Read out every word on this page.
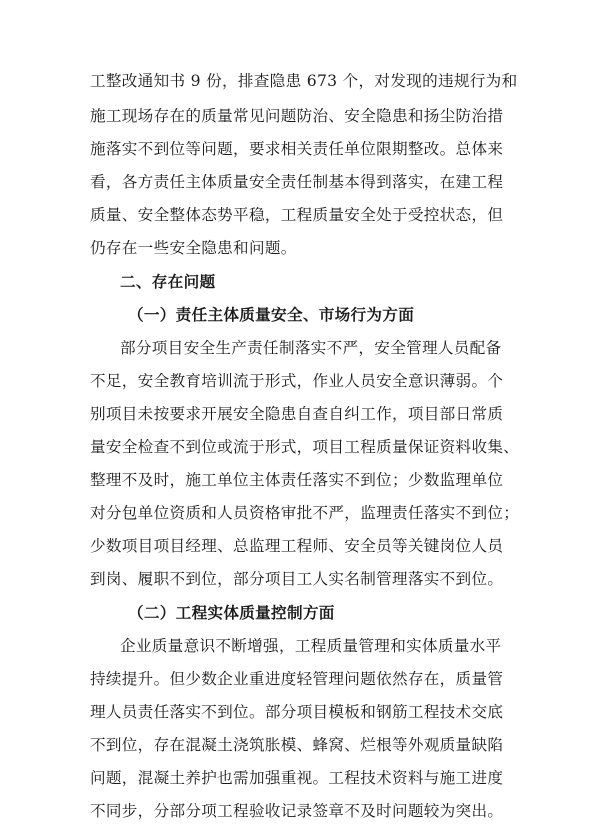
工整改通知书 9 份，排查隐患 673 个，对发现的违规行为和
施工现场存在的质量常见问题防治、安全隐患和扬尘防治措
施落实不到位等问题，要求相关责任单位限期整改。总体来
看，各方责任主体质量安全责任制基本得到落实，在建工程
质量、安全整体态势平稳，工程质量安全处于受控状态，但
仍存在一些安全隐患和问题。
二、存在问题
（一）责任主体质量安全、市场行为方面
部分项目安全生产责任制落实不严，安全管理人员配备
不足，安全教育培训流于形式，作业人员安全意识薄弱。个
别项目未按要求开展安全隐患自查自纠工作，项目部日常质
量安全检查不到位或流于形式，项目工程质量保证资料收集、
整理不及时，施工单位主体责任落实不到位；少数监理单位
对分包单位资质和人员资格审批不严，监理责任落实不到位；
少数项目项目经理、总监理工程师、安全员等关键岗位人员
到岗、履职不到位，部分项目工人实名制管理落实不到位。
（二）工程实体质量控制方面
企业质量意识不断增强，工程质量管理和实体质量水平
持续提升。但少数企业重进度轻管理问题依然存在，质量管
理人员责任落实不到位。部分项目模板和钢筋工程技术交底
不到位，存在混凝土浇筑胀模、蜂窝、烂根等外观质量缺陷
问题，混凝土养护也需加强重视。工程技术资料与施工进度
不同步，分部分项工程验收记录签章不及时问题较为突出。
